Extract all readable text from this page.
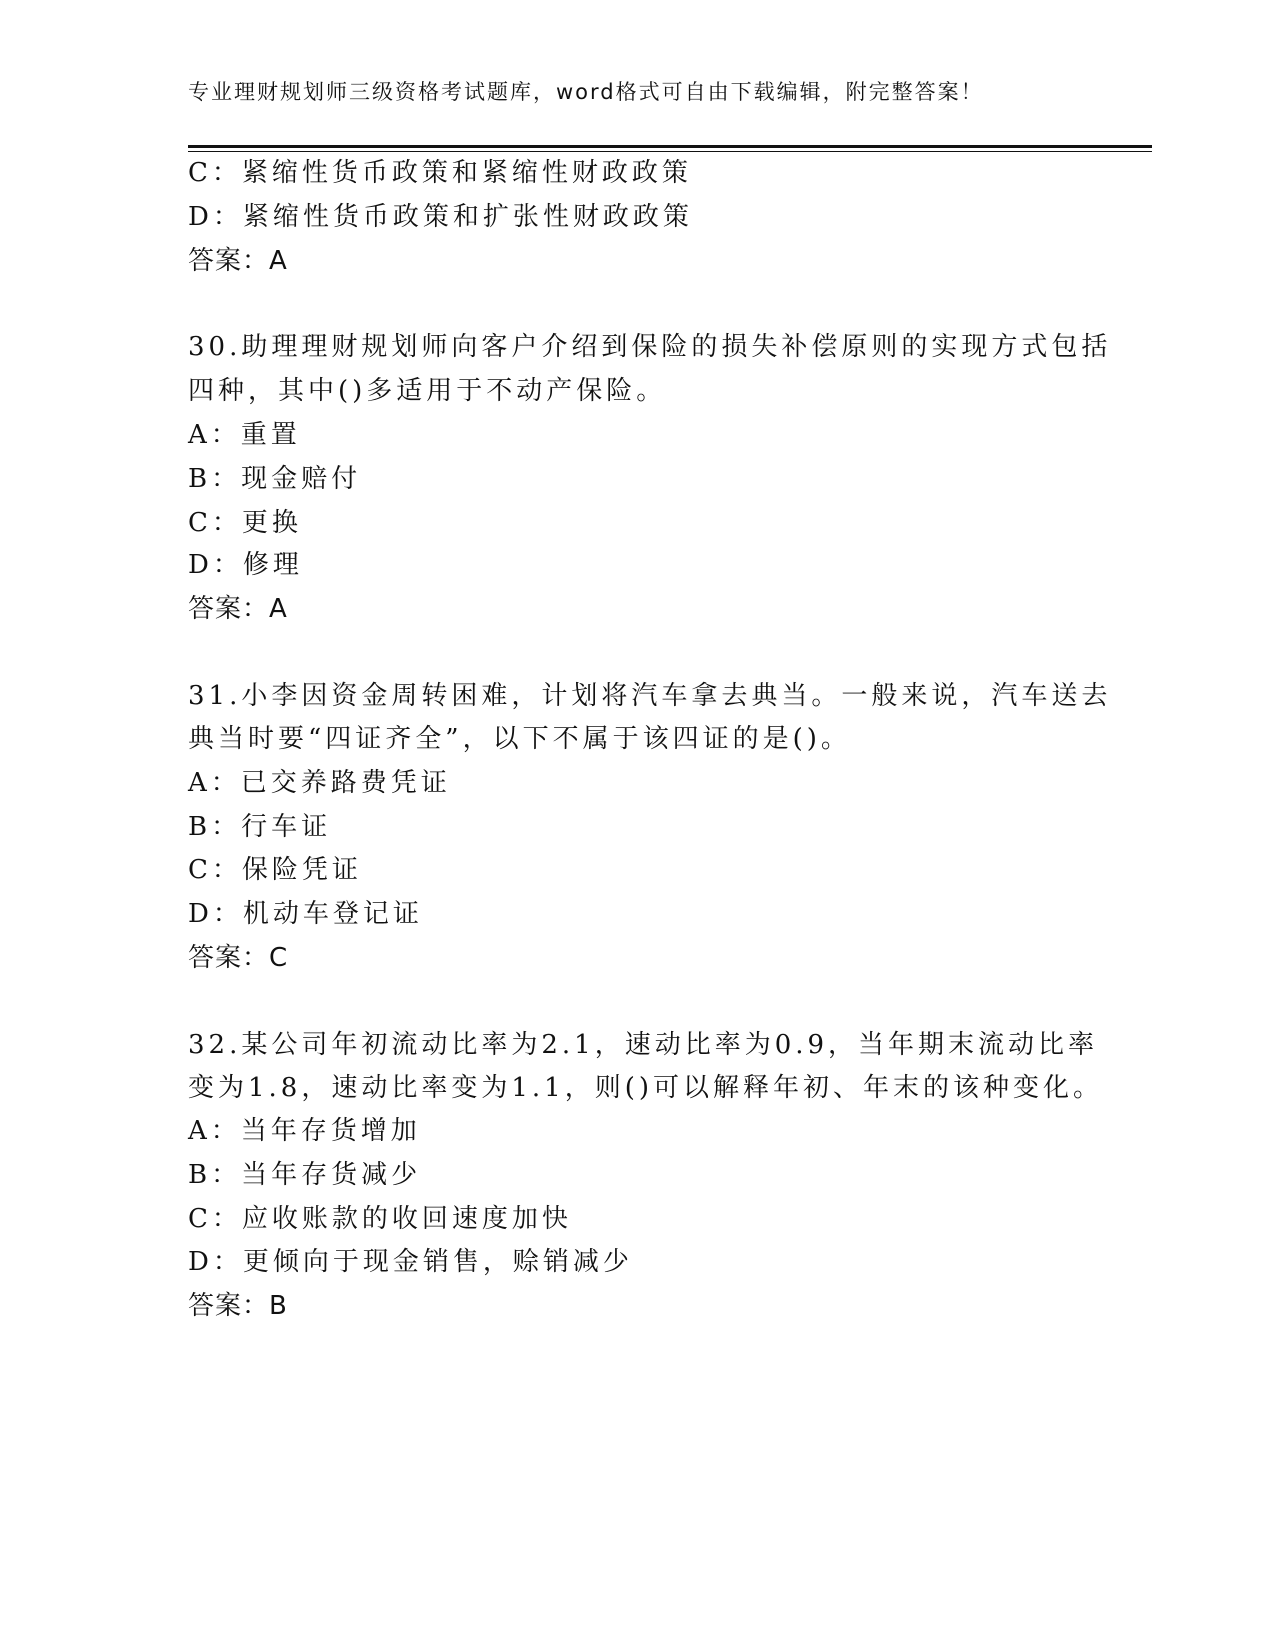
专业理财规划师三级资格考试题库，word格式可自由下载编辑，附完整答案！
C：紧缩性货币政策和紧缩性财政政策
D：紧缩性货币政策和扩张性财政政策
答案：A
30.助理理财规划师向客户介绍到保险的损失补偿原则的实现方式包括
四种，其中()多适用于不动产保险。
A：重置
B：现金赔付
C：更换
D：修理
答案：A
31.小李因资金周转困难，计划将汽车拿去典当。一般来说，汽车送去
典当时要“四证齐全”，以下不属于该四证的是()。
A：已交养路费凭证
B：行车证
C：保险凭证
D：机动车登记证
答案：C
32.某公司年初流动比率为2.1，速动比率为0.9，当年期末流动比率
变为1.8，速动比率变为1.1，则()可以解释年初、年末的该种变化。
A：当年存货增加
B：当年存货减少
C：应收账款的收回速度加快
D：更倾向于现金销售，赊销减少
答案：B
